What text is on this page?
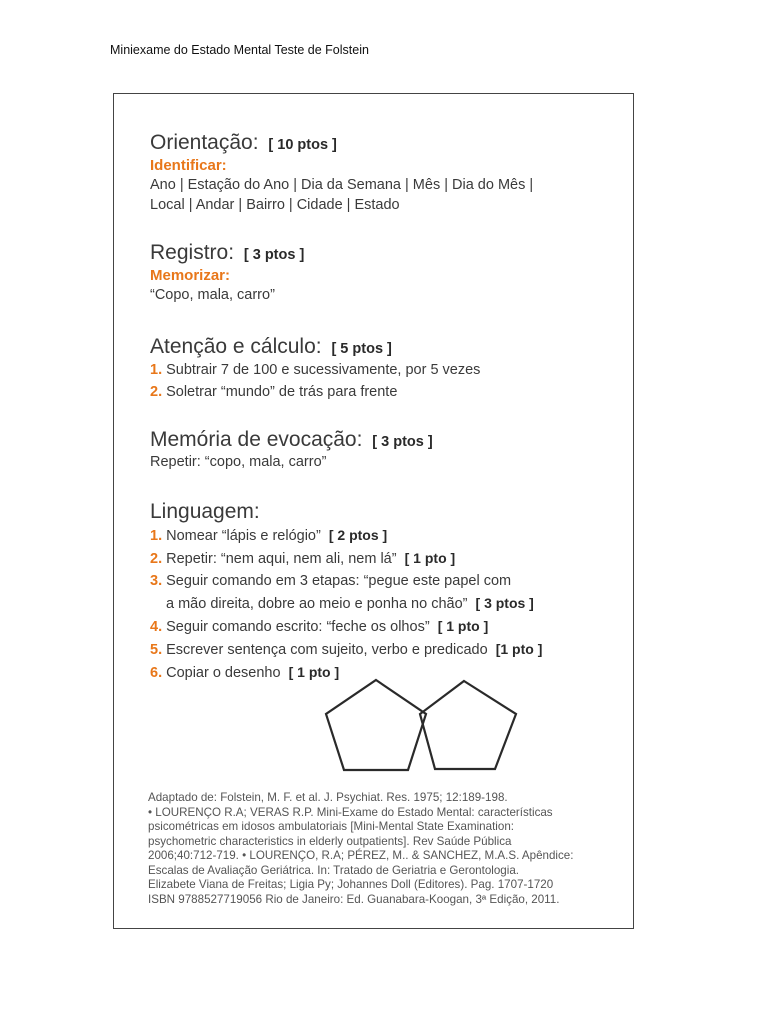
Miniexame do Estado Mental Teste de Folstein
Orientação: [ 10 ptos ]
Identificar:
Ano | Estação do Ano | Dia da Semana | Mês | Dia do Mês |
Local | Andar | Bairro | Cidade | Estado
Registro: [ 3 ptos ]
Memorizar:
“Copo, mala, carro”
Atenção e cálculo: [ 5 ptos ]
1. Subtrair 7 de 100 e sucessivamente, por 5 vezes
2. Soletrar “mundo” de trás para frente
Memória de evocação: [ 3 ptos ]
Repetir: “copo, mala, carro”
Linguagem:
1. Nomear “lápis e relógio” [ 2 ptos ]
2. Repetir: “nem aqui, nem ali, nem lá” [ 1 pto ]
3. Seguir comando em 3 etapas: “pegue este papel com
a mão direita, dobre ao meio e ponha no chão” [ 3 ptos ]
4. Seguir comando escrito: “feche os olhos” [ 1 pto ]
5. Escrever sentença com sujeito, verbo e predicado [1 pto ]
6. Copiar o desenho [ 1 pto ]
Adaptado de: Folstein, M. F. et al. J. Psychiat. Res. 1975; 12:189-198.
• LOURENÇO R.A; VERAS R.P. Mini-Exame do Estado Mental: características
psicométricas em idosos ambulatoriais [Mini-Mental State Examination:
psychometric characteristics in elderly outpatients]. Rev Saúde Pública
2006;40:712-719. • LOURENÇO, R.A; PÉREZ, M.. & SANCHEZ, M.A.S. Apêndice:
Escalas de Avaliação Geriátrica. In: Tratado de Geriatria e Gerontologia.
Elizabete Viana de Freitas; Ligia Py; Johannes Doll (Editores). Pag. 1707-1720
ISBN 9788527719056 Rio de Janeiro: Ed. Guanabara-Koogan, 3ª Edição, 2011.
